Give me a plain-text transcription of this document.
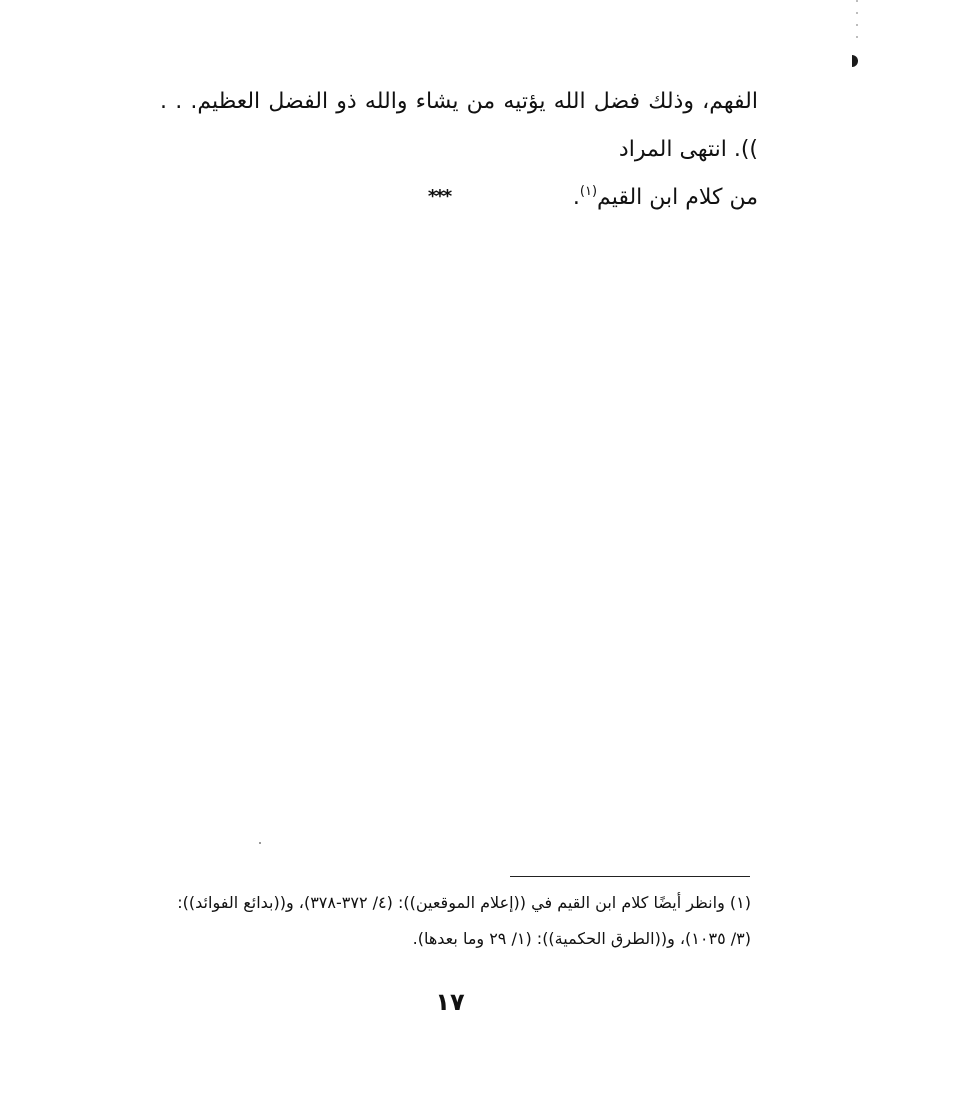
الفهم، وذلك فضل الله يؤتيه من يشاء والله ذو الفضل العظيم. . . )). انتهى المراد
من كلام ابن القيم$^{(١)}$.
***
(١) وانظر أيضًا كلام ابن القيم في ((إعلام الموقعين)): (٤/ ٣٧٢-٣٧٨)، و((بدائع الفوائد)):
(٣/ ١٠٣٥)، و((الطرق الحكمية)): (١/ ٢٩ وما بعدها).
١٧
